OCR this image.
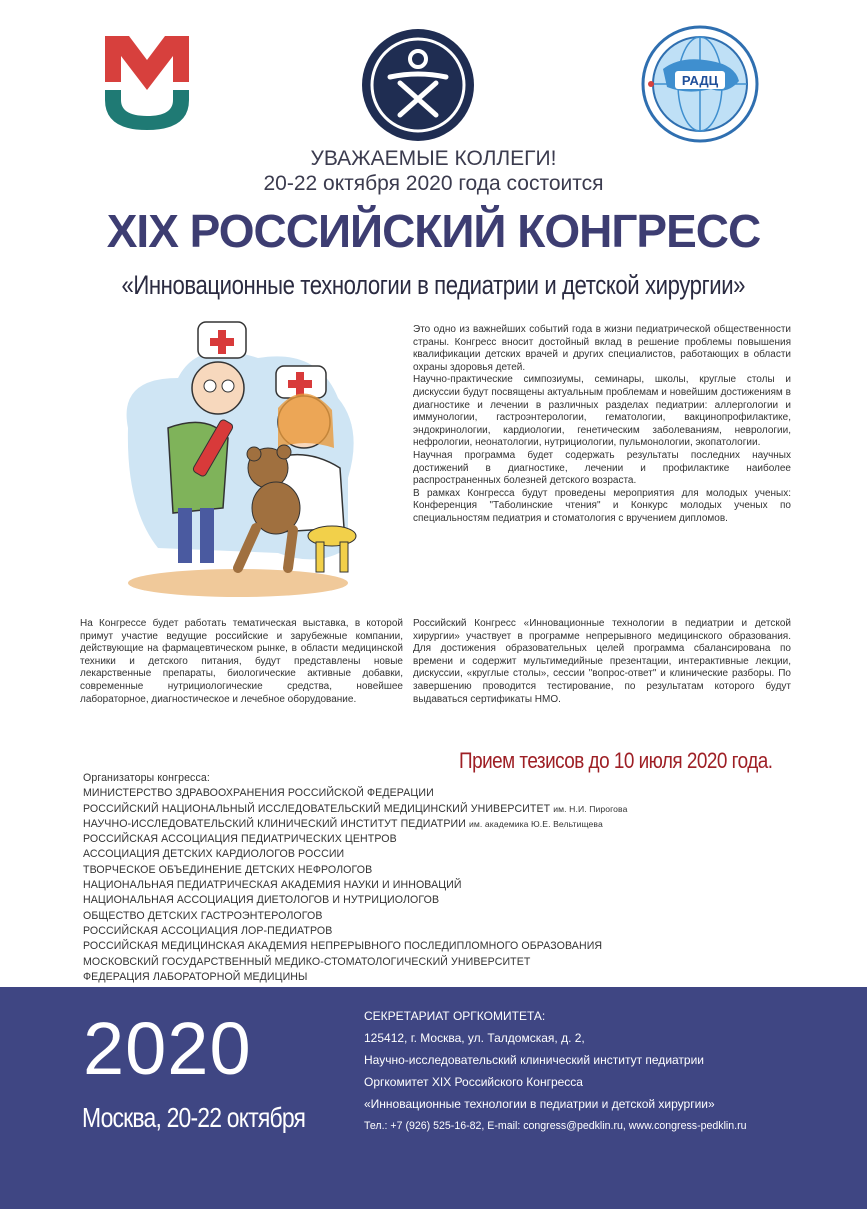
РАДЦ
УВАЖАЕМЫЕ КОЛЛЕГИ!
20-22 октября 2020 года состоится
XIX РОССИЙСКИЙ КОНГРЕСС
«Инновационные технологии в педиатрии и детской хирургии»

Это одно из важнейших событий года в жизни педиатрической общественности страны. Конгресс вносит достойный вклад в решение проблемы повышения квалификации детских врачей и других специалистов, работающих в области охраны здоровья детей.

Научно-практические симпозиумы, семинары, школы, круглые столы и дискуссии будут посвящены актуальным проблемам и новейшим достижениям в диагностике и лечении в различных разделах педиатрии: аллергологии и иммунологии, гастроэнтерологии, гематологии, вакцинопрофилактике, эндокринологии, кардиологии, генетическим заболеваниям, неврологии, нефрологии, неонатологии, нутрициологии, пульмонологии, экопатологии.

Научная программа будет содержать результаты последних научных достижений в диагностике, лечении и профилактике наиболее распространенных болезней детского возраста.

В рамках Конгресса будут проведены мероприятия для молодых ученых: Конференция "Таболинские чтения" и Конкурс молодых ученых по специальностям педиатрия и стоматология с вручением дипломов.

На Конгрессе будет работать тематическая выставка, в которой примут участие ведущие российские и зарубежные компании, действующие на фармацевтическом рынке, в области медицинской техники и детского питания, будут представлены новые лекарственные препараты, биологические активные добавки, современные нутрициологические средства, новейшее лабораторное, диагностическое и лечебное оборудование.
Российский Конгресс «Инновационные технологии в педиатрии и детской хирургии» участвует в программе непрерывного медицинского образования. Для достижения образовательных целей программа сбалансирована по времени и содержит мультимедийные презентации, интерактивные лекции, дискуссии, «круглые столы», сессии "вопрос-ответ" и клинические разборы. По завершению проводится тестирование, по результатам которого будут выдаваться сертификаты НМО.
Прием тезисов до 10 июля 2020 года.
Организаторы конгресса:
МИНИСТЕРСТВО ЗДРАВООХРАНЕНИЯ РОССИЙСКОЙ ФЕДЕРАЦИИ
РОССИЙСКИЙ НАЦИОНАЛЬНЫЙ ИССЛЕДОВАТЕЛЬСКИЙ МЕДИЦИНСКИЙ УНИВЕРСИТЕТ им. Н.И. Пирогова
НАУЧНО-ИССЛЕДОВАТЕЛЬСКИЙ КЛИНИЧЕСКИЙ ИНСТИТУТ ПЕДИАТРИИ им. академика Ю.Е. Вельтищева
РОССИЙСКАЯ АССОЦИАЦИЯ ПЕДИАТРИЧЕСКИХ ЦЕНТРОВ
АССОЦИАЦИЯ ДЕТСКИХ КАРДИОЛОГОВ РОССИИ
ТВОРЧЕСКОЕ ОБЪЕДИНЕНИЕ ДЕТСКИХ НЕФРОЛОГОВ
НАЦИОНАЛЬНАЯ ПЕДИАТРИЧЕСКАЯ АКАДЕМИЯ НАУКИ И ИННОВАЦИЙ
НАЦИОНАЛЬНАЯ АССОЦИАЦИЯ ДИЕТОЛОГОВ И НУТРИЦИОЛОГОВ
ОБЩЕСТВО ДЕТСКИХ ГАСТРОЭНТЕРОЛОГОВ
РОССИЙСКАЯ АССОЦИАЦИЯ ЛОР-ПЕДИАТРОВ
РОССИЙСКАЯ МЕДИЦИНСКАЯ АКАДЕМИЯ НЕПРЕРЫВНОГО ПОСЛЕДИПЛОМНОГО ОБРАЗОВАНИЯ
МОСКОВСКИЙ ГОСУДАРСТВЕННЫЙ МЕДИКО-СТОМАТОЛОГИЧЕСКИЙ УНИВЕРСИТЕТ
ФЕДЕРАЦИЯ ЛАБОРАТОРНОЙ МЕДИЦИНЫ
2020
Москва, 20-22 октября
СЕКРЕТАРИАТ ОРГКОМИТЕТА:
125412, г. Москва, ул. Талдомская, д. 2,
Научно-исследовательский клинический институт педиатрии
Оргкомитет XIX Российского Конгресса
«Инновационные технологии в педиатрии и детской хирургии»
Тел.: +7 (926) 525-16-82, E-mail: congress@pedklin.ru, www.congress-pedklin.ru
